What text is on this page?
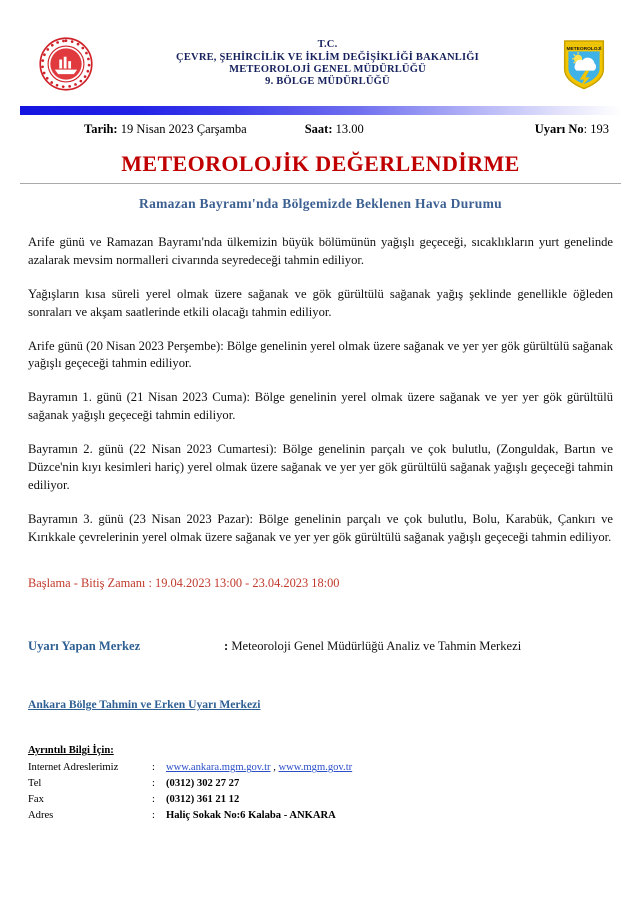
T.C.
ÇEVRE, ŞEHİRCİLİK VE İKLİM DEĞİŞİKLİĞİ BAKANLIĞI
METEOROLOJİ GENEL MÜDÜRLÜĞÜ
9. BÖLGE MÜDÜRLÜĞÜ
METEOROLOJİ
Tarih: 19 Nisan 2023 Çarşamba	Saat: 13.00	Uyarı No: 193
METEOROLOJİK DEĞERLENDİRME
Ramazan Bayramı'nda Bölgemizde Beklenen Hava Durumu

Arife günü ve Ramazan Bayramı'nda ülkemizin büyük bölümünün yağışlı geçeceği, sıcaklıkların yurt genelinde azalarak mevsim normalleri civarında seyredeceği tahmin ediliyor.

Yağışların kısa süreli yerel olmak üzere sağanak ve gök gürültülü sağanak yağış şeklinde genellikle öğleden sonraları ve akşam saatlerinde etkili olacağı tahmin ediliyor.

Arife günü (20 Nisan 2023 Perşembe): Bölge genelinin yerel olmak üzere sağanak ve yer yer gök gürültülü sağanak yağışlı geçeceği tahmin ediliyor.

Bayramın 1. günü (21 Nisan 2023 Cuma): Bölge genelinin yerel olmak üzere sağanak ve yer yer gök gürültülü sağanak yağışlı geçeceği tahmin ediliyor.

Bayramın 2. günü (22 Nisan 2023 Cumartesi): Bölge genelinin parçalı ve çok bulutlu, (Zonguldak, Bartın ve Düzce'nin kıyı kesimleri hariç) yerel olmak üzere sağanak ve yer yer gök gürültülü sağanak yağışlı geçeceği tahmin ediliyor.

Bayramın 3. günü (23 Nisan 2023 Pazar): Bölge genelinin parçalı ve çok bulutlu, Bolu, Karabük, Çankırı ve Kırıkkale çevrelerinin yerel olmak üzere sağanak ve yer yer gök gürültülü sağanak yağışlı geçeceği tahmin ediliyor.

Başlama - Bitiş Zamanı : 19.04.2023 13:00 - 23.04.2023 18:00
Uyarı Yapan Merkez	: Meteoroloji Genel Müdürlüğü Analiz ve Tahmin Merkezi
Ankara Bölge Tahmin ve Erken Uyarı Merkezi
Ayrıntılı Bilgi İçin:
Internet Adreslerimiz	:	www.ankara.mgm.gov.tr , www.mgm.gov.tr
Tel	:	(0312) 302 27 27
Fax	:	(0312) 361 21 12
Adres	:	Haliç Sokak No:6 Kalaba - ANKARA
